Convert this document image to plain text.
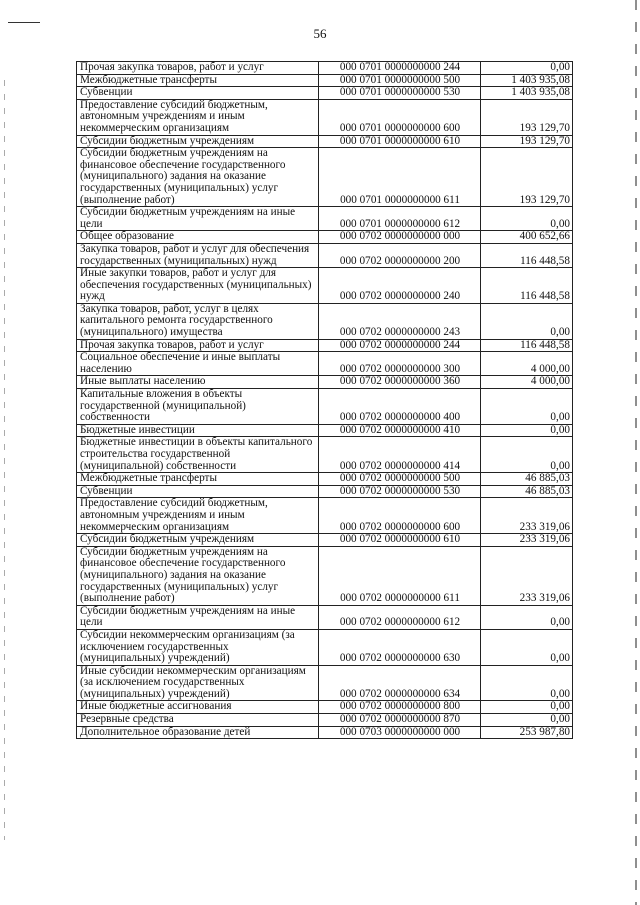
56
Прочая закупка товаров, работ и услуг	000 0701 0000000000 244	0,00
Межбюджетные трансферты	000 0701 0000000000 500	1 403 935,08
Субвенции	000 0701 0000000000 530	1 403 935,08
Предоставление субсидий бюджетным, автономным учреждениям и иным некоммерческим организациям	000 0701 0000000000 600	193 129,70
Субсидии бюджетным учреждениям	000 0701 0000000000 610	193 129,70
Субсидии бюджетным учреждениям на финансовое обеспечение государственного (муниципального) задания на оказание государственных (муниципальных) услуг (выполнение работ)	000 0701 0000000000 611	193 129,70
Субсидии бюджетным учреждениям на иные цели	000 0701 0000000000 612	0,00
Общее образование	000 0702 0000000000 000	400 652,66
Закупка товаров, работ и услуг для обеспечения государственных (муниципальных) нужд	000 0702 0000000000 200	116 448,58
Иные закупки товаров, работ и услуг для обеспечения государственных (муниципальных) нужд	000 0702 0000000000 240	116 448,58
Закупка товаров, работ, услуг в целях капитального ремонта государственного (муниципального) имущества	000 0702 0000000000 243	0,00
Прочая закупка товаров, работ и услуг	000 0702 0000000000 244	116 448,58
Социальное обеспечение и иные выплаты населению	000 0702 0000000000 300	4 000,00
Иные выплаты населению	000 0702 0000000000 360	4 000,00
Капитальные вложения в объекты государственной (муниципальной) собственности	000 0702 0000000000 400	0,00
Бюджетные инвестиции	000 0702 0000000000 410	0,00
Бюджетные инвестиции в объекты капитального строительства государственной (муниципальной) собственности	000 0702 0000000000 414	0,00
Межбюджетные трансферты	000 0702 0000000000 500	46 885,03
Субвенции	000 0702 0000000000 530	46 885,03
Предоставление субсидий бюджетным, автономным учреждениям и иным некоммерческим организациям	000 0702 0000000000 600	233 319,06
Субсидии бюджетным учреждениям	000 0702 0000000000 610	233 319,06
Субсидии бюджетным учреждениям на финансовое обеспечение государственного (муниципального) задания на оказание государственных (муниципальных) услуг (выполнение работ)	000 0702 0000000000 611	233 319,06
Субсидии бюджетным учреждениям на иные цели	000 0702 0000000000 612	0,00
Субсидии некоммерческим организациям (за исключением государственных (муниципальных) учреждений)	000 0702 0000000000 630	0,00
Иные субсидии некоммерческим организациям (за исключением государственных (муниципальных) учреждений)	000 0702 0000000000 634	0,00
Иные бюджетные ассигнования	000 0702 0000000000 800	0,00
Резервные средства	000 0702 0000000000 870	0,00
Дополнительное образование детей	000 0703 0000000000 000	253 987,80
